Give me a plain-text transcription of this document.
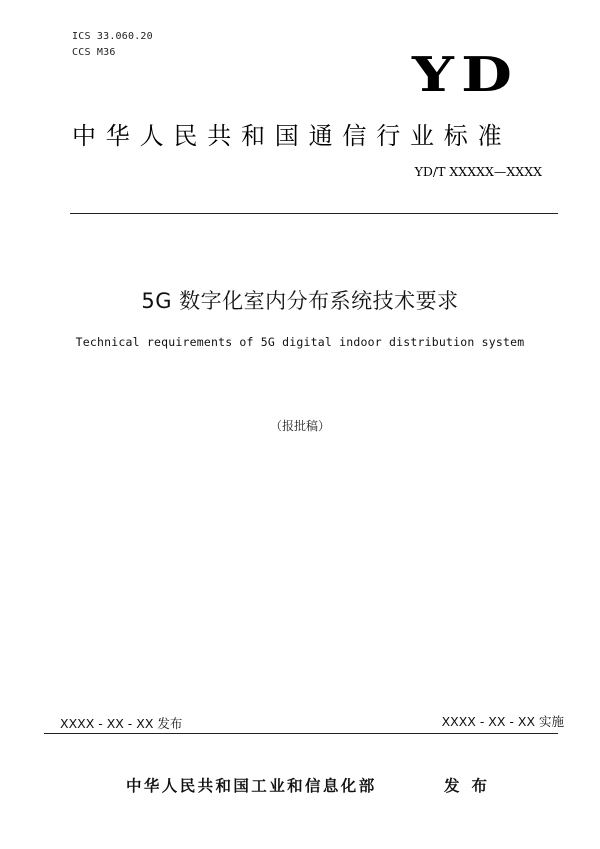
ICS 33.060.20
CCS M36	YD
中华人民共和国通信行业标准
YD/T XXXXX—XXXX
5G 数字化室内分布系统技术要求
Technical requirements of 5G digital indoor distribution system
（报批稿）
XXXX - XX - XX 发布	XXXX - XX - XX 实施
中华人民共和国工业和信息化部	发布
